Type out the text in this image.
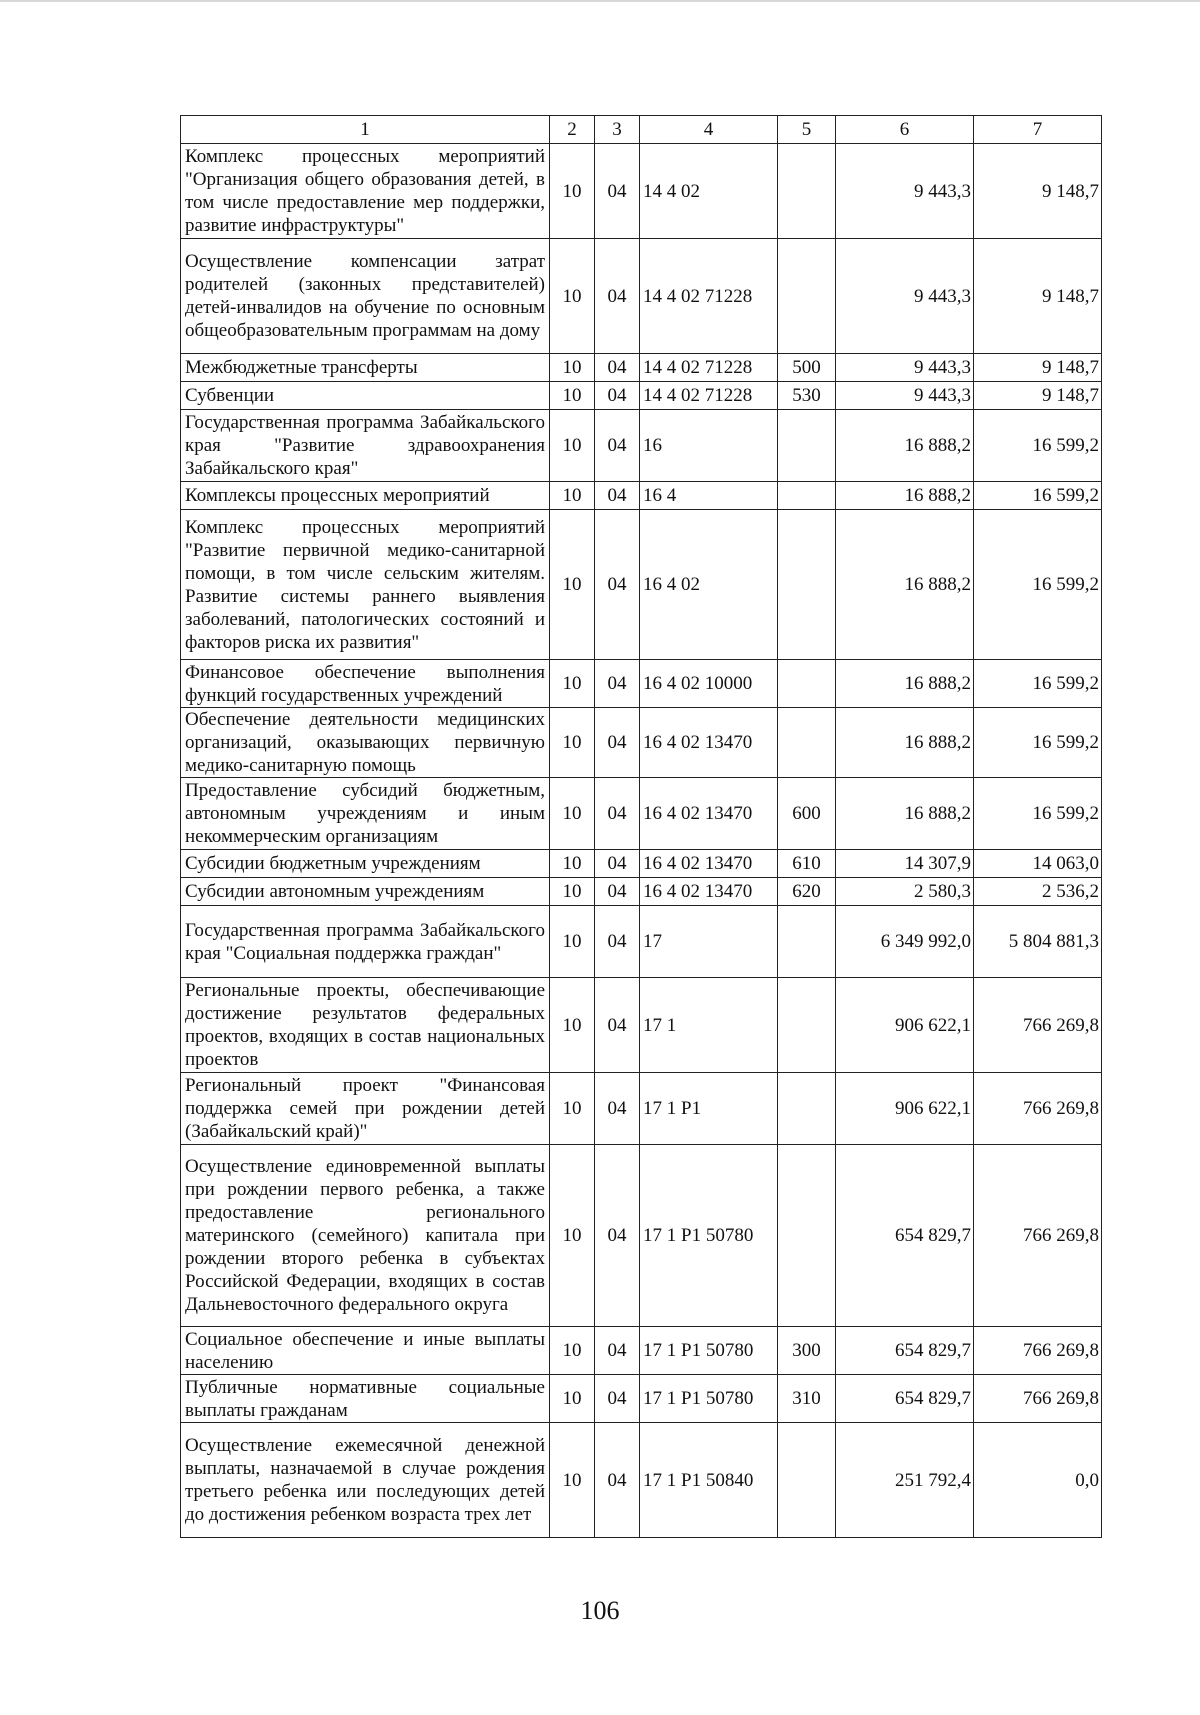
1	2	3	4	5	6	7
Комплекс процессных мероприятий "Организация общего образования детей, в том числе предоставление мер поддержки, развитие инфраструктуры"	10	04	14 4 02		9 443,3	9 148,7
Осуществление компенсации затрат родителей (законных представителей) детей-инвалидов на обучение по основным общеобразовательным программам на дому	10	04	14 4 02 71228		9 443,3	9 148,7
Межбюджетные трансферты	10	04	14 4 02 71228	500	9 443,3	9 148,7
Субвенции	10	04	14 4 02 71228	530	9 443,3	9 148,7
Государственная программа Забайкальского края "Развитие здравоохранения Забайкальского края"	10	04	16		16 888,2	16 599,2
Комплексы процессных мероприятий	10	04	16 4		16 888,2	16 599,2
Комплекс процессных мероприятий "Развитие первичной медико-санитарной помощи, в том числе сельским жителям. Развитие системы раннего выявления заболеваний, патологических состояний и факторов риска их развития"	10	04	16 4 02		16 888,2	16 599,2
Финансовое обеспечение выполнения функций государственных учреждений	10	04	16 4 02 10000		16 888,2	16 599,2
Обеспечение деятельности медицинских организаций, оказывающих первичную медико-санитарную помощь	10	04	16 4 02 13470		16 888,2	16 599,2
Предоставление субсидий бюджетным, автономным учреждениям и иным некоммерческим организациям	10	04	16 4 02 13470	600	16 888,2	16 599,2
Субсидии бюджетным учреждениям	10	04	16 4 02 13470	610	14 307,9	14 063,0
Субсидии автономным учреждениям	10	04	16 4 02 13470	620	2 580,3	2 536,2
Государственная программа Забайкальского края "Социальная поддержка граждан"	10	04	17		6 349 992,0	5 804 881,3
Региональные проекты, обеспечивающие достижение результатов федеральных проектов, входящих в состав национальных проектов	10	04	17 1		906 622,1	766 269,8
Региональный проект "Финансовая поддержка семей при рождении детей (Забайкальский край)"	10	04	17 1 P1		906 622,1	766 269,8
Осуществление единовременной выплаты при рождении первого ребенка, а также предоставление регионального материнского (семейного) капитала при рождении второго ребенка в субъектах Российской Федерации, входящих в состав Дальневосточного федерального округа	10	04	17 1 P1 50780		654 829,7	766 269,8
Социальное обеспечение и иные выплаты населению	10	04	17 1 P1 50780	300	654 829,7	766 269,8
Публичные нормативные социальные выплаты гражданам	10	04	17 1 P1 50780	310	654 829,7	766 269,8
Осуществление ежемесячной денежной выплаты, назначаемой в случае рождения третьего ребенка или последующих детей до достижения ребенком возраста трех лет	10	04	17 1 P1 50840		251 792,4	0,0
106
